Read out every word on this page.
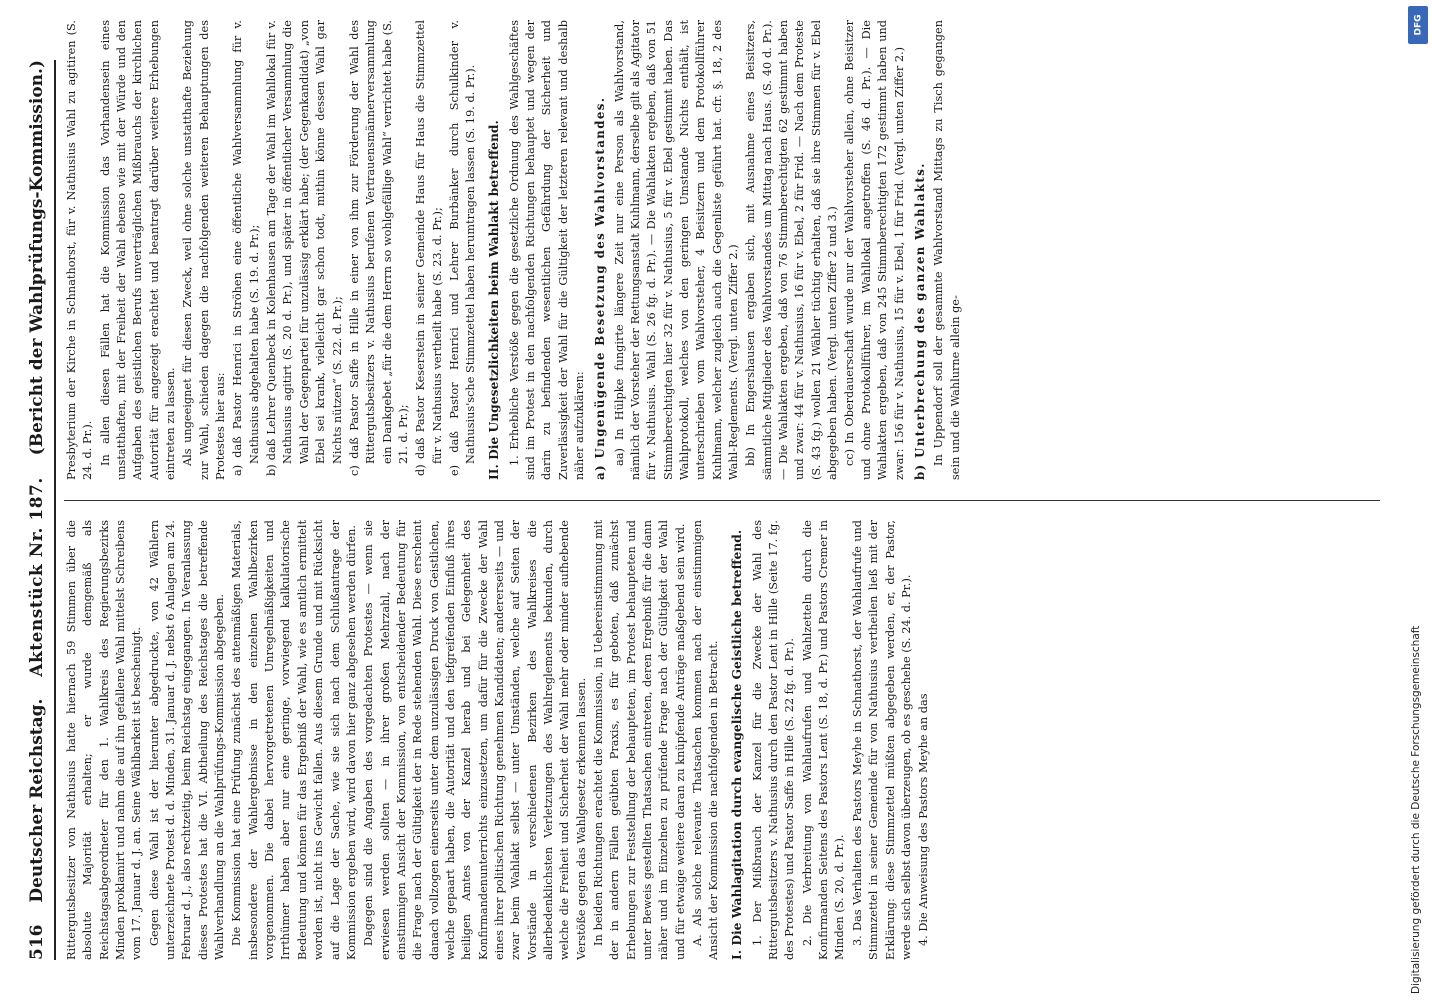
516
Deutscher Reichstag.
Aktenstück Nr. 187.
(Bericht der Wahlprüfungs-Kommission.)

Rittergutsbesitzer von Nathusius hatte hiernach 59 Stimmen über die absolute Majorität erhalten; er wurde demgemäß als Reichstagsabgeordneter für den 1. Wahlkreis des Regierungsbezirks Minden proklamirt und nahm die auf ihn gefallene Wahl mittelst Schreibens vom 17. Januar d. J. an. Seine Wählbarkeit ist bescheinigt. Gegen diese Wahl ist der hierunter abgedruckte, von 42 Wählern unterzeichnete Protest d. d. Minden, 31. Januar d. J. nebst 6 Anlagen am 24. Februar d. J., also rechtzeitig, beim Reichstag eingegangen. In Veranlassung dieses Protestes hat die VI. Abtheilung des Reichstages die betreffende Wahlverhandlung an die Wahlprüfungs-Kommission abgegeben. Die Kommission hat eine Prüfung zunächst des attenmäßigen Materials, insbesondere der Wahlergebnisse in den einzelnen Wahlbezirken vorgenommen. Die dabei hervorgetretenen Unregelmäßigkeiten und Irrthümer haben aber nur eine geringe, vorwiegend kalkulatorische Bedeutung und können für das Ergebniß der Wahl, wie es amtlich ermittelt worden ist, nicht ins Gewicht fallen. Aus diesem Grunde und mit Rücksicht auf die Lage der Sache, wie sie sich nach dem Schlußantrage der Kommission ergeben wird, wird davon hier ganz abgesehen werden dürfen. Dagegen sind die Angaben des vorgedachten Protestes — wenn sie erwiesen werden sollten — in ihrer großen Mehrzahl, nach der einstimmigen Ansicht der Kommission, von entscheidender Bedeutung für die Frage nach der Gültigkeit der in Rede stehenden Wahl. Diese erscheint danach vollzogen einerseits unter dem unzulässigen Druck von Geistlichen, welche gepaart haben, die Autorität und den tiefgreifenden Einfluß ihres heiligen Amtes von der Kanzel herab und bei Gelegenheit des Konfirmandenunterrichts einzusetzen, um dafür für die Zwecke der Wahl eines ihrer politischen Richtung genehmen Kandidaten; andererseits — und zwar beim Wahlakt selbst — unter Umständen, welche auf Seiten der Vorstände in verschiedenen Bezirken des Wahlkreises die allerbedenklichsten Verletzungen des Wahlreglements bekunden, durch welche die Freiheit und Sicherheit der Wahl mehr oder minder aufhebende Verstöße gegen das Wahlgesetz erkennen lassen. In beiden Richtungen erachtet die Kommission, in Uebereinstimmung mit der in andern Fällen geübten Praxis, es für geboten, daß zunächst Erhebungen zur Feststellung der behaupteten, im Protest behaupteten und unter Beweis gestellten Thatsachen eintreten, deren Ergebniß für die dann näher und im Einzelnen zu prüfende Frage nach der Gültigkeit der Wahl und für etwaige weitere daran zu knüpfende Anträge maßgebend sein wird. A. Als solche relevante Thatsachen kommen nach der einstimmigen Ansicht der Kommission die nachfolgenden in Betracht. I. Die Wahlagitation durch evangelische Geistliche betreffend. 1. Der Mißbrauch der Kanzel für die Zwecke der Wahl des Rittergutsbesitzers v. Nathusius durch den Pastor Lent in Hille (Seite 17. fg. des Protestes) und Pastor Saffe in Hille (S. 22 fg. d. Pr.). 2. Die Verbreitung von Wahlaufrufen und Wahlzetteln durch die Konfirmanden Seitens des Pastors Lent (S. 18, d. Pr.) und Pastors Cremer in Minden (S. 20, d. Pr.). 3. Das Verhalten des Pastors Meyhe in Schnathorst, der Wahlaufrufe und Stimmzettel in seiner Gemeinde für von Nathusius vertheilen ließ mit der Erklärung: diese Stimmzettel müßten abgegeben werden, er, der Pastor, werde sich selbst davon überzeugen, ob es geschehe (S. 24. d. Pr.). 4. Die Anweisung des Pastors Meyhe an das

Presbyterium der Kirche in Schnathorst, für v. Nathusius Wahl zu agitiren (S. 24. d. Pr.). In allen diesen Fällen hat die Kommission das Vorhandensein eines unstatthaften, mit der Freiheit der Wahl ebenso wie mit der Würde und den Aufgaben des geistlichen Berufs unverträglichen Mißbrauchs der kirchlichen Autorität für angezeigt erachtet und beantragt darüber weitere Erhebungen eintreten zu lassen. Als ungeeignet für diesen Zweck, weil ohne solche unstatthafte Beziehung zur Wahl, schieden dagegen die nachfolgenden weiteren Behauptungen des Protestes hier aus: a) daß Pastor Henrici in Ströhen eine öffentliche Wahlversammlung für v. Nathusius abgehalten habe (S. 19. d. Pr.); b) daß Lehrer Quenbeck in Kolenhausen am Tage der Wahl im Wahllokal für v. Nathusius agitirt (S. 20 d. Pr.), und später in öffentlicher Versammlung die Wahl der Gegenpartei für unzulässig erklärt habe; (der Gegenkandidat) „von Ebel sei krank, vielleicht gar schon todt, mithin könne dessen Wahl gar Nichts nützen“ (S. 22. d. Pr.); c) daß Pastor Saffe in Hille in einer von ihm zur Förderung der Wahl des Rittergutsbesitzers v. Nathusius berufenen Vertrauensmännerversammlung ein Dankgebet „für die dem Herrn so wohlgefällige Wahl“ verrichtet habe (S. 21. d. Pr.); d) daß Pastor Keserstein in seiner Gemeinde Haus für Haus die Stimmzettel für v. Nathusius vertheilt habe (S. 23. d. Pr.); e) daß Pastor Henrici und Lehrer Burbänker durch Schulkinder v. Nathusius'sche Stimmzettel haben herumtragen lassen (S. 19. d. Pr.). II. Die Ungesetzlichkeiten beim Wahlakt betreffend. 1. Erhebliche Verstöße gegen die gesetzliche Ordnung des Wahlgeschäftes sind im Protest in den nachfolgenden Richtungen behauptet und wegen der darin zu befindenden wesentlichen Gefährdung der Sicherheit und Zuverlässigkeit der Wahl für die Gültigkeit der letzteren relevant und deshalb näher aufzuklären: a) Ungenügende Besetzung des Wahlvorstandes. aa) In Hülpke fungirte längere Zeit nur eine Person als Wahlvorstand, nämlich der Vorsteher der Rettungsanstalt Kuhlmann, derselbe gilt als Agitator für v. Nathusius. Wahl (S. 26 fg. d. Pr.). — Die Wahlakten ergeben, daß von 51 Stimmberechtigten hier 32 für v. Nathusius, 5 für v. Ebel gestimmt haben. Das Wahlprotokoll, welches von den geringen Umstande Nichts enthält, ist unterschrieben vom Wahlvorsteher, 4 Beisitzern und dem Protokollführer Kuhlmann, welcher zugleich auch die Gegenliste geführt hat. cfr. §. 18, 2 des Wahl-Reglements. (Vergl. unten Ziffer 2.) bb) In Engershausen ergaben sich, mit Ausnahme eines Beisitzers, sämmtliche Mitglieder des Wahlvorstandes um Mittag nach Haus. (S. 40 d. Pr.). — Die Wahlakten ergeben, daß von 76 Stimmberechtigten 62 gestimmt haben und zwar: 44 für v. Nathusius, 16 für v. Ebel, 2 für Frid. — Nach dem Proteste (S. 43 fg.) wollen 21 Wähler tüchtig erhalten, daß sie ihre Stimmen für v. Ebel abgegeben haben. (Vergl. unten Ziffer 2 und 3.) cc) In Oberdauerschaft wurde nur der Wahlvorsteher allein, ohne Beisitzer und ohne Protokollführer, im Wahllokal angetroffen (S. 46 d. Pr.). — Die Wahlakten ergeben, daß von 245 Stimmberechtigten 172 gestimmt haben und zwar: 156 für v. Nathusius, 15 für v. Ebel, 1 für Frid. (Vergl. unten Ziffer 2.) b) Unterbrechung des ganzen Wahlakts. In Uppendorf soll der gesammte Wahlvorstand Mittags zu Tisch gegangen sein und die Wahlurne allein ge-

DFG
Digitalisierung gefördert durch die Deutsche Forschungsgemeinschaft
